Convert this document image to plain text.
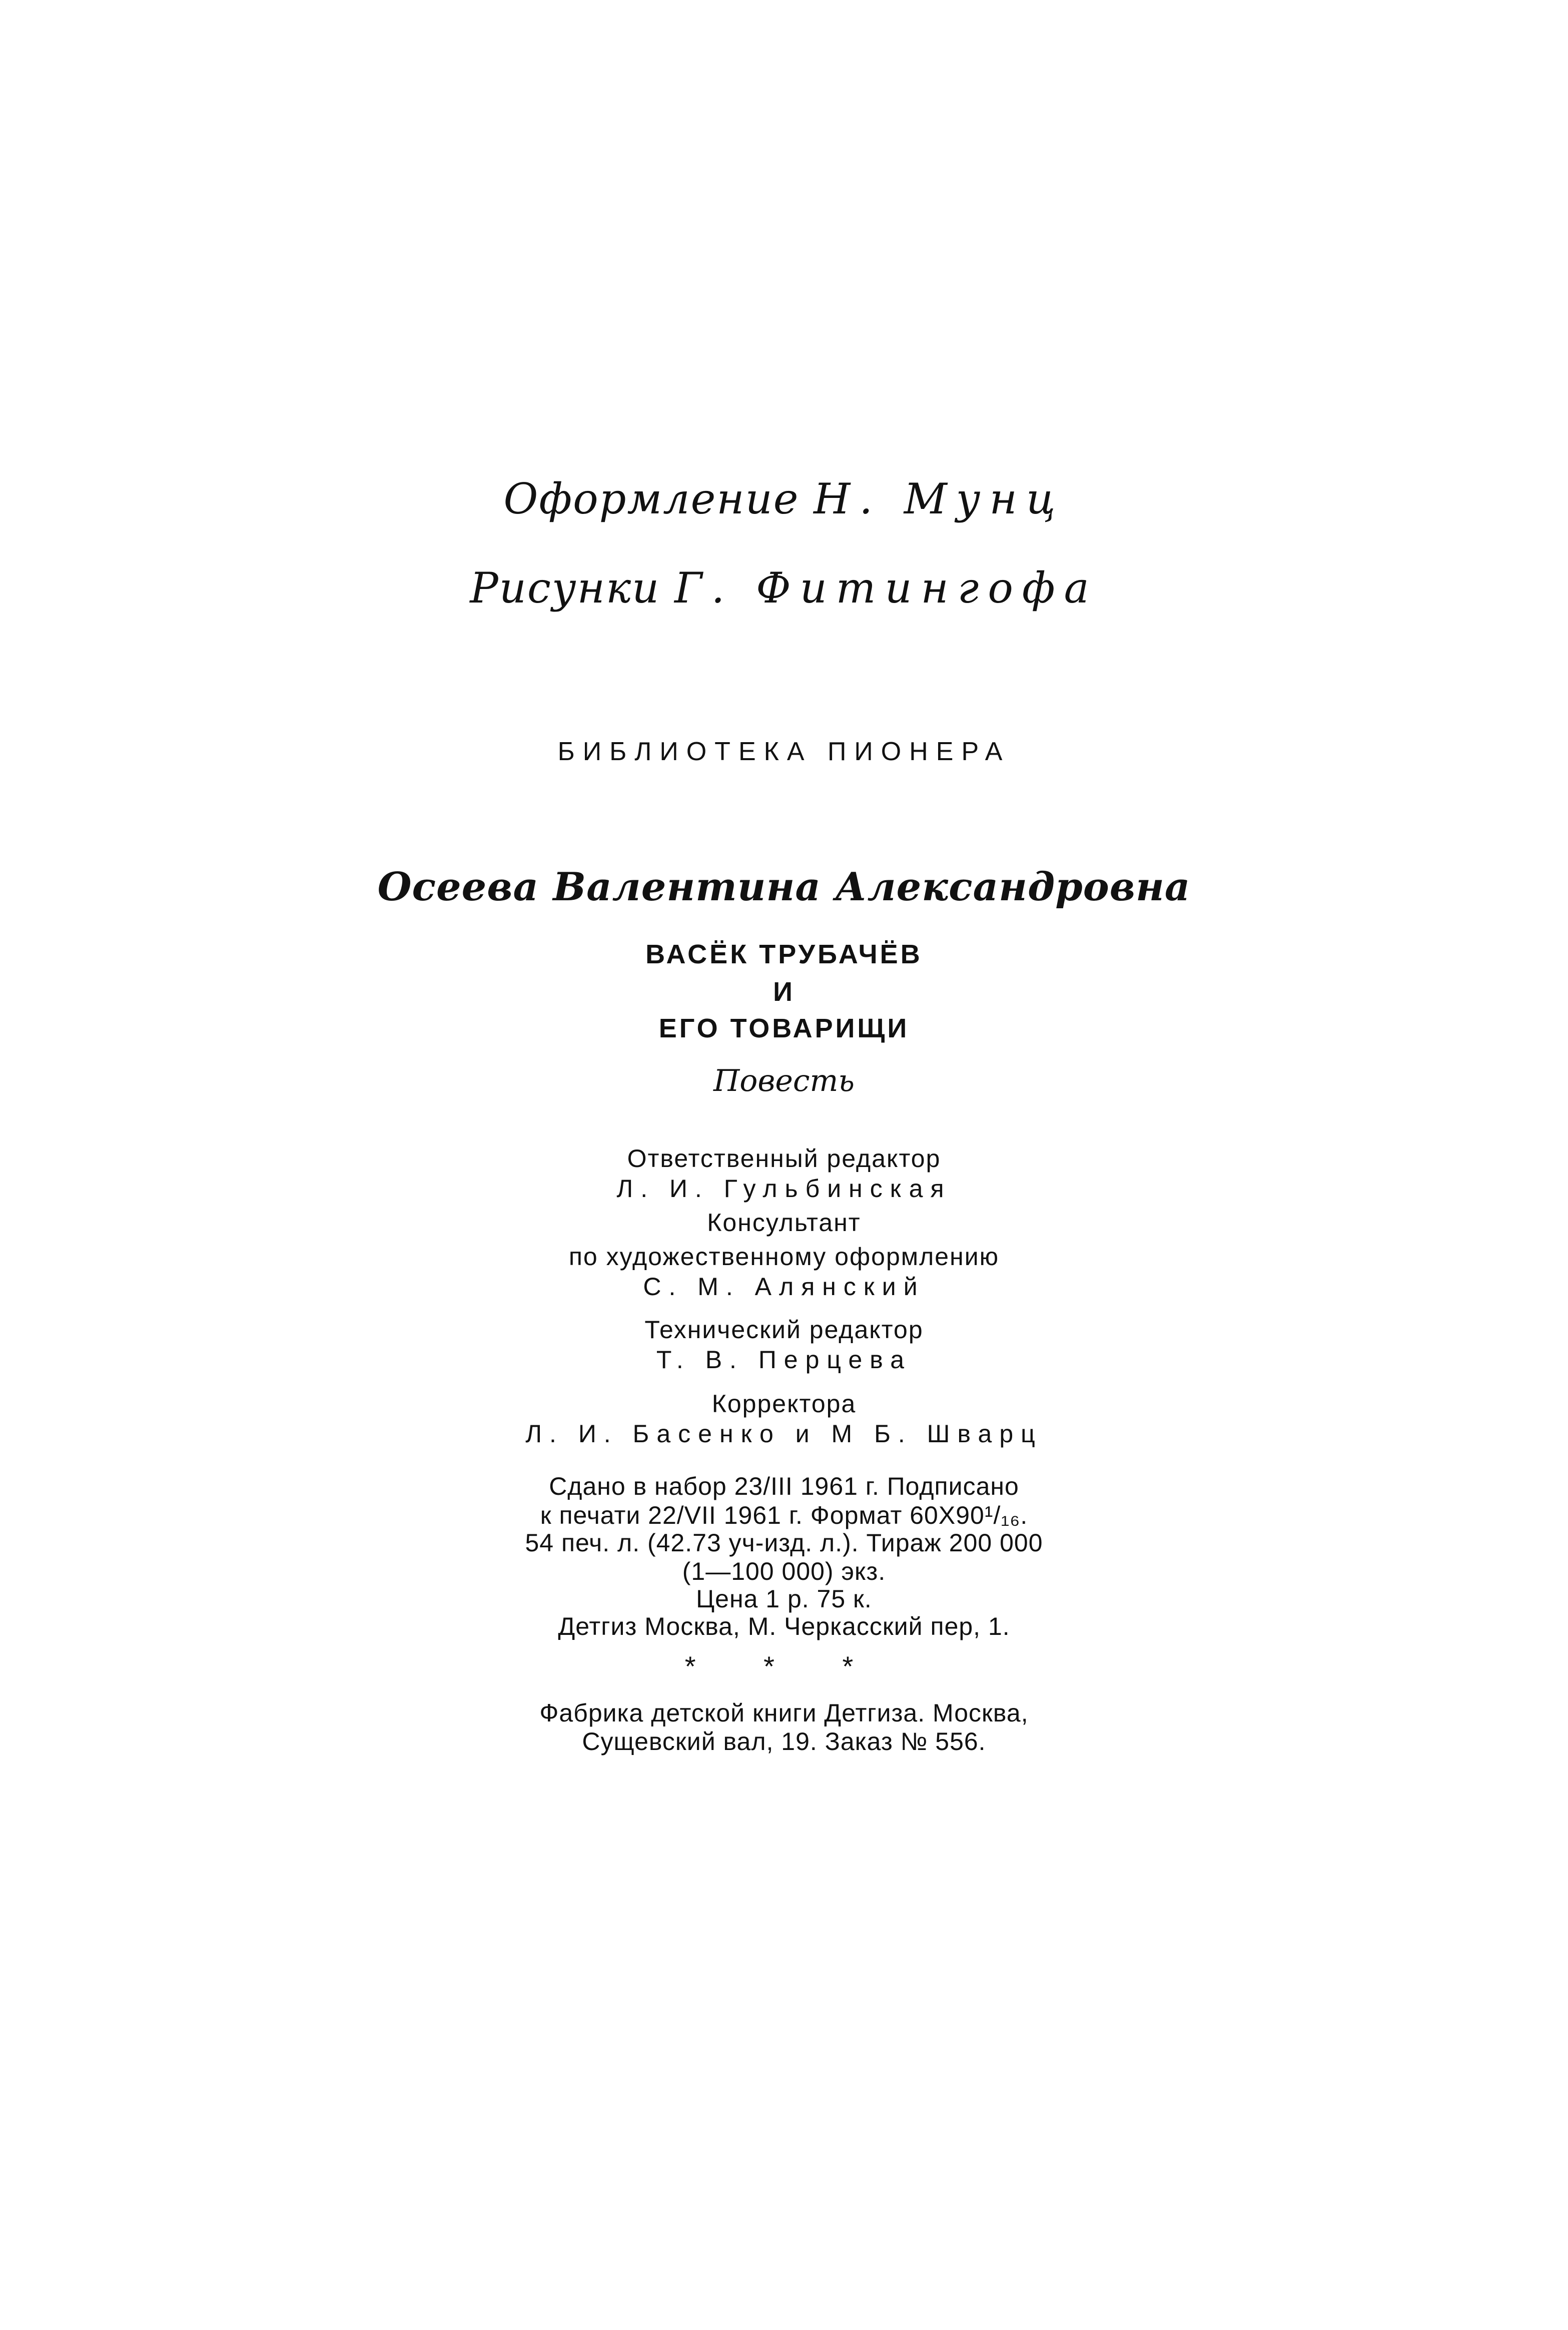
Оформление Н. Мунц
Рисунки Г. Фитингофа
БИБЛИОТЕКА ПИОНЕРА
Осеева Валентина Александровна
ВАСЁК ТРУБАЧЁВ
И
ЕГО ТОВАРИЩИ
Повесть
Ответственный редактор
Л. И. Гульбинская
Консультант
по художественному оформлению
С. М. Алянский
Технический редактор
Т. В. Перцева
Корректора
Л. И. Басенко и М Б. Шварц
Сдано в набор 23/III 1961 г. Подписано
к печати 22/VII 1961 г. Формат 60X90¹/₁₆.
54 печ. л. (42.73 уч-изд. л.). Тираж 200 000
(1—100 000) экз.
Цена 1 р. 75 к.
Детгиз Москва, М. Черкасский пер, 1.
* * *
Фабрика детской книги Детгиза. Москва,
Сущевский вал, 19. Заказ № 556.
